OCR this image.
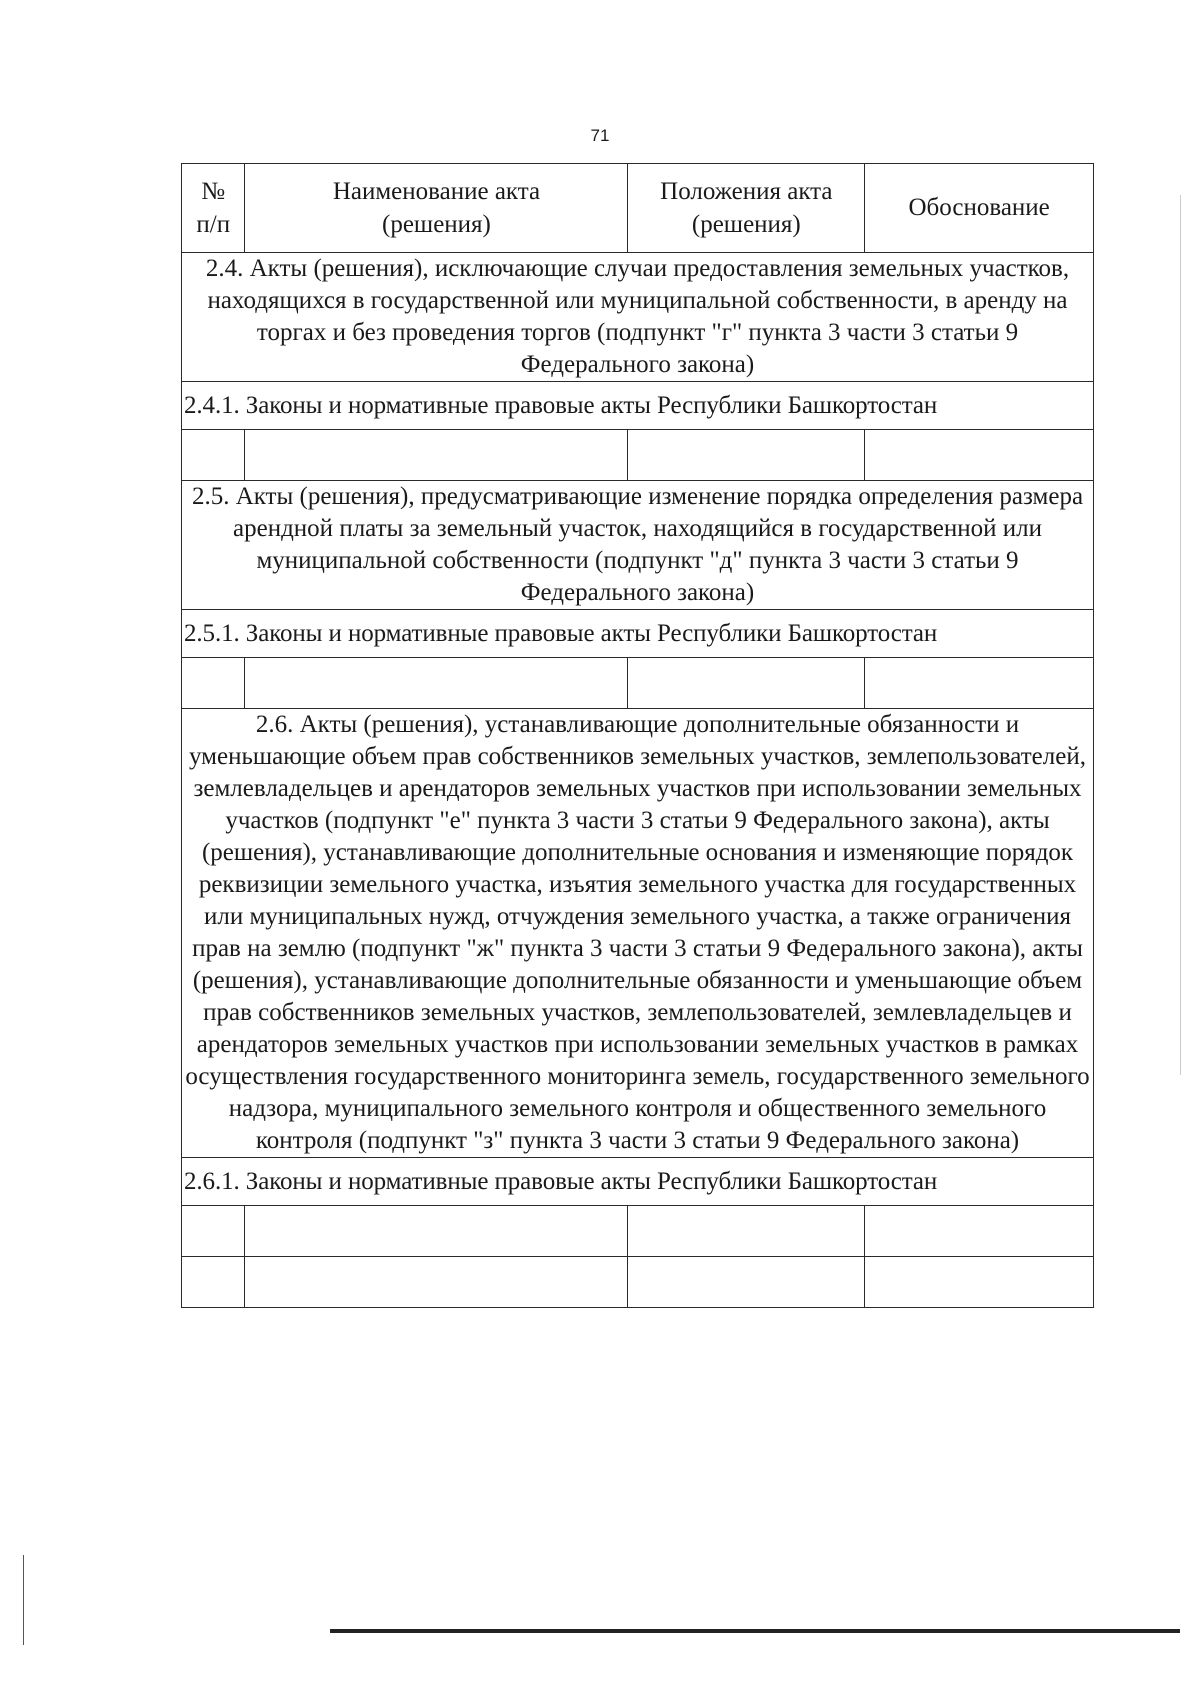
71
№ п/п	Наименование акта (решения)	Положения акта (решения)	Обоснование
2.4. Акты (решения), исключающие случаи предоставления земельных участков, находящихся в государственной или муниципальной собственности, в аренду на торгах и без проведения торгов (подпункт "г" пункта 3 части 3 статьи 9 Федерального закона)			
2.4.1. Законы и нормативные правовые акты Республики Башкортостан			

2.5. Акты (решения), предусматривающие изменение порядка определения размера арендной платы за земельный участок, находящийся в государственной или муниципальной собственности (подпункт "д" пункта 3 части 3 статьи 9 Федерального закона)			
2.5.1. Законы и нормативные правовые акты Республики Башкортостан			

2.6. Акты (решения), устанавливающие дополнительные обязанности и уменьшающие объем прав собственников земельных участков, землепользователей, землевладельцев и арендаторов земельных участков при использовании земельных участков (подпункт "е" пункта 3 части 3 статьи 9 Федерального закона), акты (решения), устанавливающие дополнительные основания и изменяющие порядок реквизиции земельного участка, изъятия земельного участка для государственных или муниципальных нужд, отчуждения земельного участка, а также ограничения прав на землю (подпункт "ж" пункта 3 части 3 статьи 9 Федерального закона), акты (решения), устанавливающие дополнительные обязанности и уменьшающие объем прав собственников земельных участков, землепользователей, землевладельцев и арендаторов земельных участков при использовании земельных участков в рамках осуществления государственного мониторинга земель, государственного земельного надзора, муниципального земельного контроля и общественного земельного контроля (подпункт "з" пункта 3 части 3 статьи 9 Федерального закона)			
2.6.1. Законы и нормативные правовые акты Республики Башкортостан			
